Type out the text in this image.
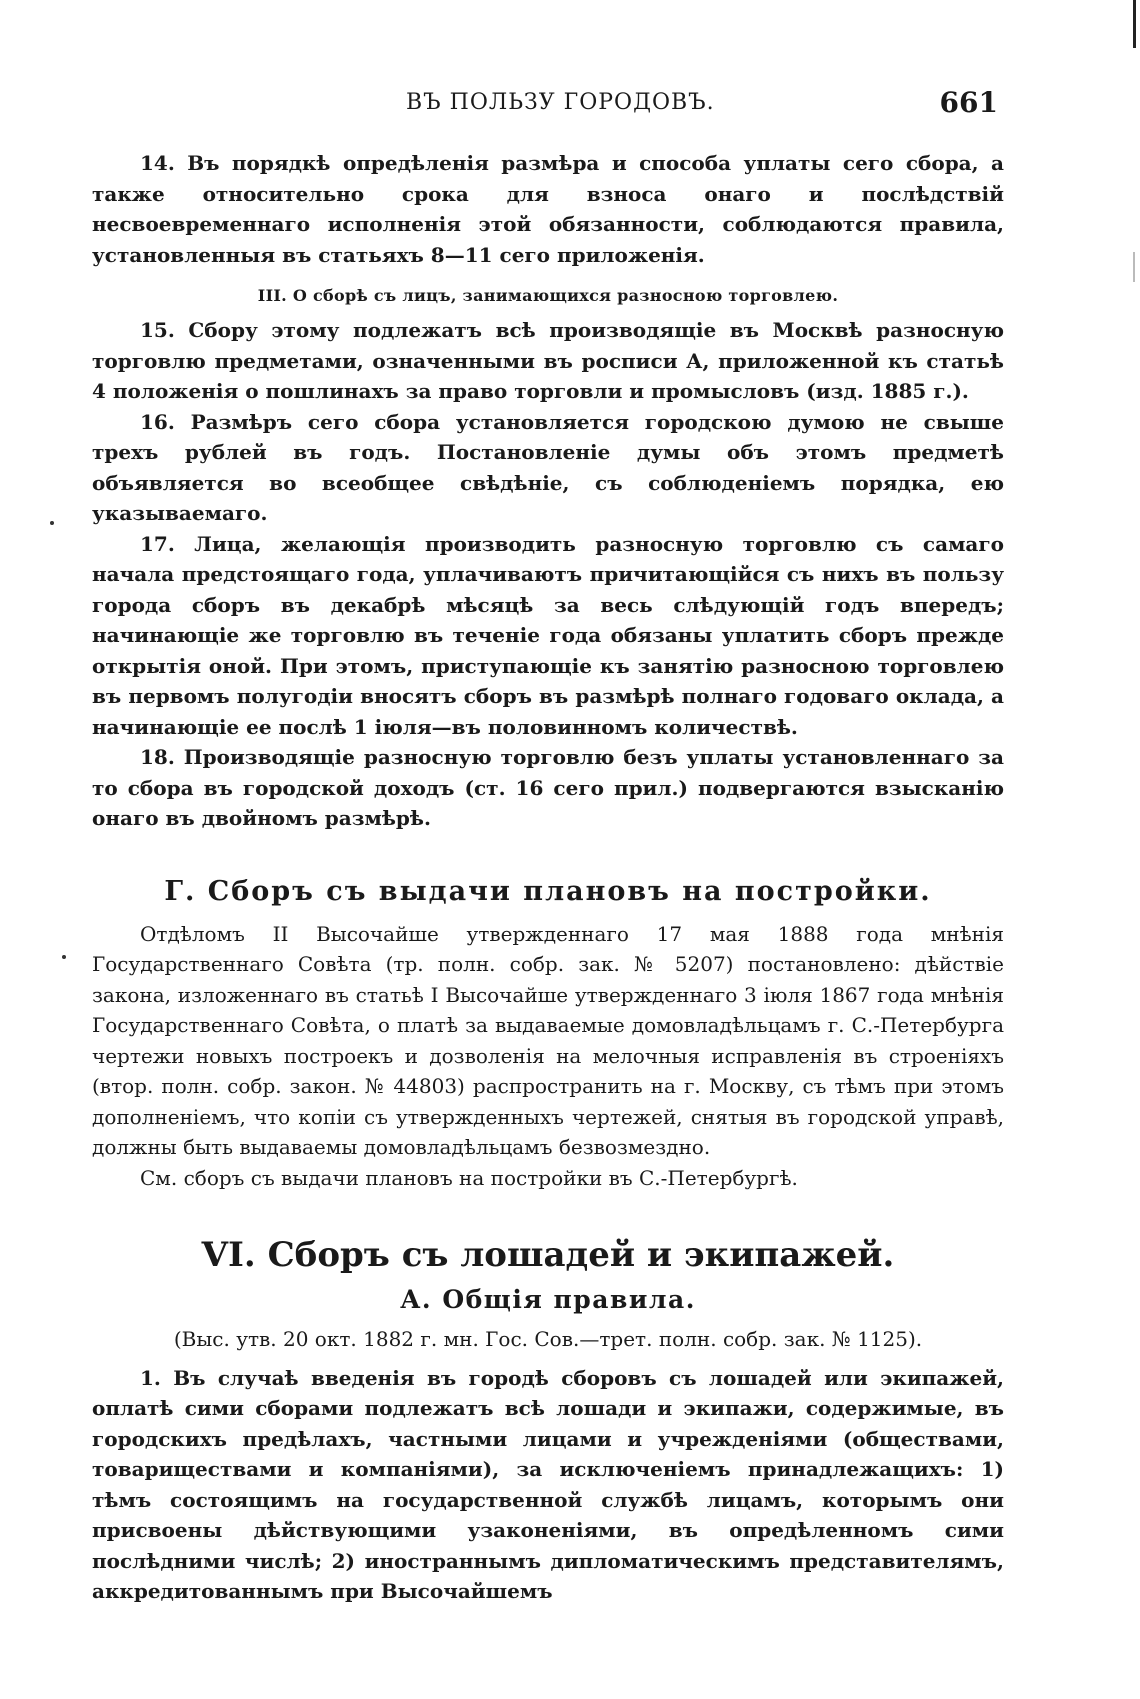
ВЪ ПОЛЬЗУ ГОРОДОВЪ.	661

14. Въ порядкѣ опредѣленія размѣра и способа уплаты сего сбора, а также относительно срока для взноса онаго и послѣдствій несвоевременнаго исполненія этой обязанности, соблюдаются правила, установленныя въ статьяхъ 8—11 сего приложенія.

III. О сборѣ съ лицъ, занимающихся разносною торговлею.

15. Сбору этому подлежатъ всѣ производящіе въ Москвѣ разносную торговлю предметами, означенными въ росписи А, приложенной къ статьѣ 4 положенія о пошлинахъ за право торговли и промысловъ (изд. 1885 г.).

16. Размѣръ сего сбора установляется городскою думою не свыше трехъ рублей въ годъ. Постановленіе думы объ этомъ предметѣ объявляется во всеобщее свѣдѣніе, съ соблюденіемъ порядка, ею указываемаго.

17. Лица, желающія производить разносную торговлю съ самаго начала предстоящаго года, уплачиваютъ причитающійся съ нихъ въ пользу города сборъ въ декабрѣ мѣсяцѣ за весь слѣдующій годъ впередъ; начинающіе же торговлю въ теченіе года обязаны уплатить сборъ прежде открытія оной. При этомъ, приступающіе къ занятію разносною торговлею въ первомъ полугодіи вносятъ сборъ въ размѣрѣ полнаго годоваго оклада, а начинающіе ее послѣ 1 іюля—въ половинномъ количествѣ.

18. Производящіе разносную торговлю безъ уплаты установленнаго за то сбора въ городской доходъ (ст. 16 сего прил.) подвергаются взысканію онаго въ двойномъ размѣрѣ.

Г. Сборъ съ выдачи плановъ на постройки.

Отдѣломъ II Высочайше утвержденнаго 17 мая 1888 года мнѣнія Государственнаго Совѣта (тр. полн. собр. зак. № 5207) постановлено: дѣйствіе закона, изложеннаго въ статьѣ I Высочайше утвержденнаго 3 іюля 1867 года мнѣнія Государственнаго Совѣта, о платѣ за выдаваемые домовладѣльцамъ г. С.-Петербурга чертежи новыхъ построекъ и дозволенія на мелочныя исправленія въ строеніяхъ (втор. полн. собр. закон. № 44803) распространить на г. Москву, съ тѣмъ при этомъ дополненіемъ, что копіи съ утвержденныхъ чертежей, снятыя въ городской управѣ, должны быть выдаваемы домовладѣльцамъ безвозмездно.

См. сборъ съ выдачи плановъ на постройки въ С.-Петербургѣ.

VI. Сборъ съ лошадей и экипажей.
А. Общія правила.

(Выс. утв. 20 окт. 1882 г. мн. Гос. Сов.—трет. полн. собр. зак. № 1125).

1. Въ случаѣ введенія въ городѣ сборовъ съ лошадей или экипажей, оплатѣ сими сборами подлежатъ всѣ лошади и экипажи, содержимые, въ городскихъ предѣлахъ, частными лицами и учрежденіями (обществами, товариществами и компаніями), за исключеніемъ принадлежащихъ: 1) тѣмъ состоящимъ на государственной службѣ лицамъ, которымъ они присвоены дѣйствующими узаконеніями, въ опредѣленномъ сими послѣдними числѣ; 2) иностраннымъ дипломатическимъ представителямъ, аккредитованнымъ при Высочайшемъ
